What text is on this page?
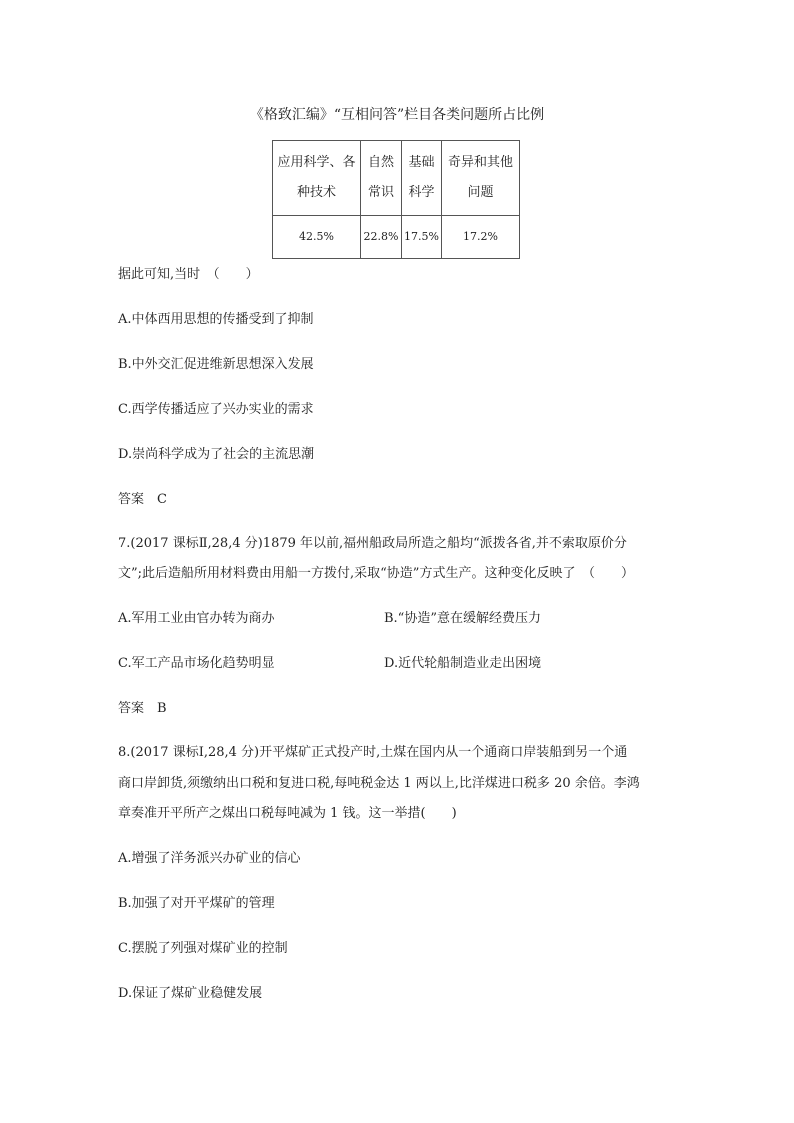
《格致汇编》“互相问答”栏目各类问题所占比例
应用科学、各种技术	自然常识	基础科学	奇异和其他问题
42.5%	22.8%	17.5%	17.2%
据此可知,当时　（　　）
A.中体西用思想的传播受到了抑制
B.中外交汇促进维新思想深入发展
C.西学传播适应了兴办实业的需求
D.崇尚科学成为了社会的主流思潮
答案　C
7.(2017 课标Ⅱ,28,4 分)1879 年以前,福州船政局所造之船均“派拨各省,并不索取原价分
文”;此后造船所用材料费由用船一方拨付,采取“协造”方式生产。这种变化反映了　（　　）
A.军用工业由官办转为商办	B.“协造”意在缓解经费压力
C.军工产品市场化趋势明显	D.近代轮船制造业走出困境
答案　B
8.(2017 课标Ⅰ,28,4 分)开平煤矿正式投产时,土煤在国内从一个通商口岸装船到另一个通
商口岸卸货,须缴纳出口税和复进口税,每吨税金达 1 两以上,比洋煤进口税多 20 余倍。李鸿
章奏准开平所产之煤出口税每吨减为 1 钱。这一举措(　　)
A.增强了洋务派兴办矿业的信心
B.加强了对开平煤矿的管理
C.摆脱了列强对煤矿业的控制
D.保证了煤矿业稳健发展
